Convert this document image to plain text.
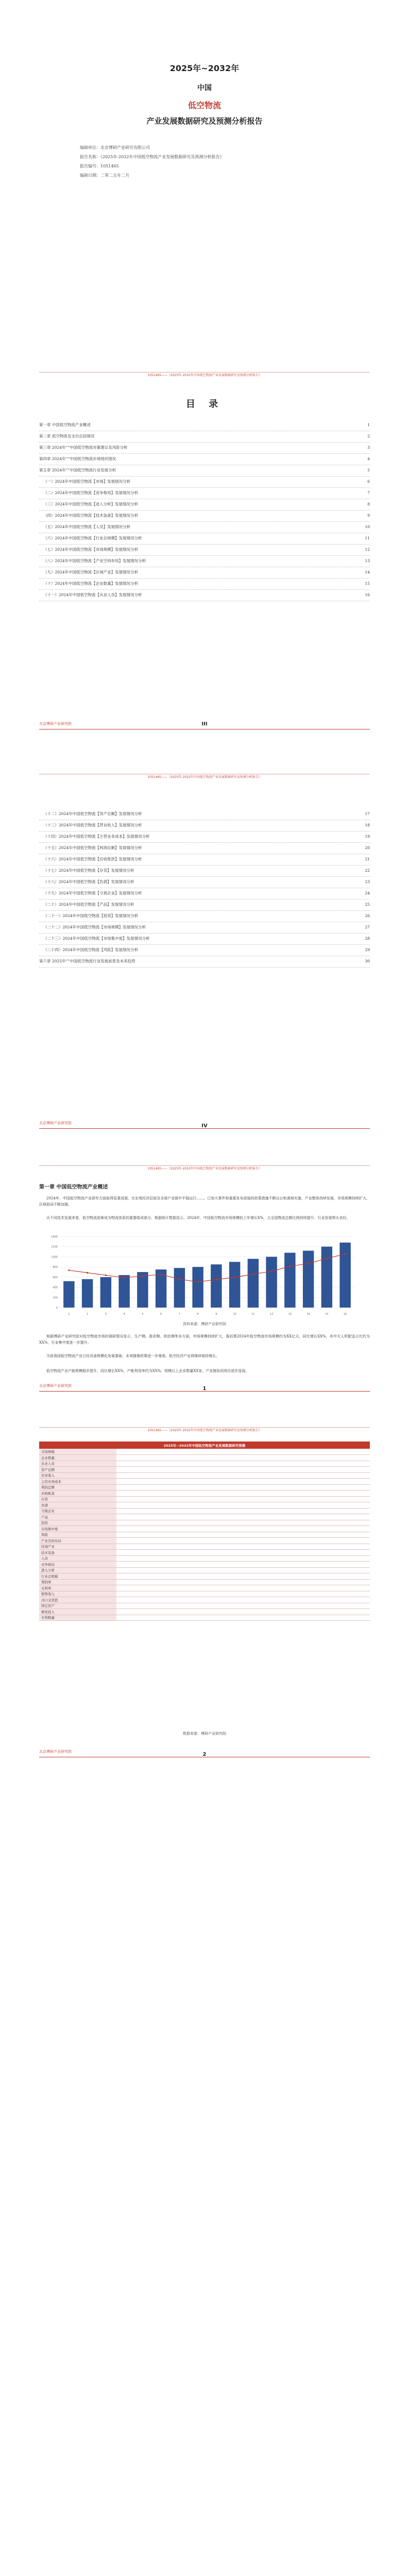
2025年~2032年
中国
低空物流
产业发展数据研究及预测分析报告
编制单位：北京博研产业研究有限公司
报告名称：《2025年-2032年中国低空物流产业发展数据研究及预测分析报告》
报告编号：1051465
编制日期：二零二五年二月
1051465——《2025年-2032年中国低空物流产业发展数据研究及预测分析报告》
目 录
第一章 中国低空物流产业概述	1
第二章 低空物流及支出总括情况	2
第三章 2024年“”中国低空物流对策建议及风险分析	3
第四章 2024年“”中国低空物流市场现状情况	4
第五章 2024年“”中国低空物流行业发展分析	5
（一）2024年中国低空物流【市场】发展情况分析	6
（二）2024年中国低空物流【竞争格局】发展情况分析	7
（三）2024年中国低空物流【进入分析】发展情况分析	8
（四）2024年中国低空物流【技术装备】发展情况分析	9
（五）2024年中国低空物流【人员】发展情况分析	10
（六）2024年中国低空物流【行业总规模】发展情况分析	11
（七）2024年中国低空物流【市场规模】发展情况分析	12
（八）2024年中国低空物流【产业空间布局】发展情况分析	13
（九）2024年中国低空物流【区域产业】发展情况分析	14
（十）2024年中国低空物流【企业数量】发展情况分析	15
（十一）2024年中国低空物流【从业人员】发展情况分析	16
北京博研产业研究院	III
1051465——《2025年-2032年中国低空物流产业发展数据研究及预测分析报告》
（十二）2024年中国低空物流【资产总额】发展情况分析	17
（十三）2024年中国低空物流【营业收入】发展情况分析	18
（十四）2024年中国低空物流【主营业务成本】发展情况分析	19
（十五）2024年中国低空物流【利润总额】发展情况分析	20
（十六）2024年中国低空物流【应收账款】发展情况分析	21
（十七）2024年中国低空物流【存货】发展情况分析	22
（十八）2024年中国低空物流【负债】发展情况分析	23
（十九）2024年中国低空物流【亏损企业】发展情况分析	24
（二十）2024年中国低空物流【产品】发展情况分析	25
（二十一）2024年中国低空物流【投资】发展情况分析	26
（二十二）2024年中国低空物流【市场规模】发展情况分析	27
（二十三）2024年中国低空物流【市场集中度】发展情况分析	28
（二十四）2024年中国低空物流【风险】发展情况分析	29
第六章 2025年“”中国低空物流行业发展前景及未来趋势	30
北京博研产业研究院	IV
1051465——《2025年-2032年中国低空物流产业发展数据研究及预测分析报告》
第一章 中国低空物流产业概述
2024年，中国低空物流产业研究方面取得显著进展，在宏观经济层面及全球产业链中平稳运行……。已知大事件和重要发布进展的政策措施不断出台和落地实施，产业整体持续发展，市场规模持续扩大，区域协同不断加强。
从不同技术发展来看，低空物流逐渐成为物流体系的重要组成部分，根据统计数据显示，2024年，中国低空物流市场规模较上年增长X%，占全国物流总额比例持续提升，行业发展势头良好。
0
200
400
600
800
1000
1200
1400
1	2	3	4	5	6	7	8	9	10	11	12	13	14	15	16
资料来源：博研产业研究院
根据博研产业研究院对低空物流市场的调研情况显示，生产侧、需求侧、供给侧等多方面，市场规模持续扩大，据估算2024年低空物流市场规模约为XX亿元，同比增长XX%，其中无人机配送占比约为XX%，行业集中度进一步提升。
当前我国低空物流产业已经具备规模化发展基础，未来随着政策进一步落地，低空经济产业将继续保持增长。
低空物流产业产能规模稳步提升，同比增长XX%，产能利用率约为XX%，规模以上企业数量XX家，产业链协同效应逐步显现。
北京博研产业研究院	1
1051465——《2025年-2032年中国低空物流产业发展数据研究及预测分析报告》
2025年~2032年中国低空物流产业发展数据研究预测		
市场规模		
企业数量		
从业人员		
资产总额		
营业收入		
主营业务成本		
利润总额		
应收账款		
存货		
负债		
亏损企业		
产品		
投资		
市场集中度		
风险		
产业空间布局		
区域产业		
技术装备		
人员		
竞争格局		
进入分析		
行业总规模		
利润率		
毛利率		
销售收入		
出口交货值		
固定资产		
研发投入		
专利数量		
数据来源：博研产业研究院
北京博研产业研究院	2
